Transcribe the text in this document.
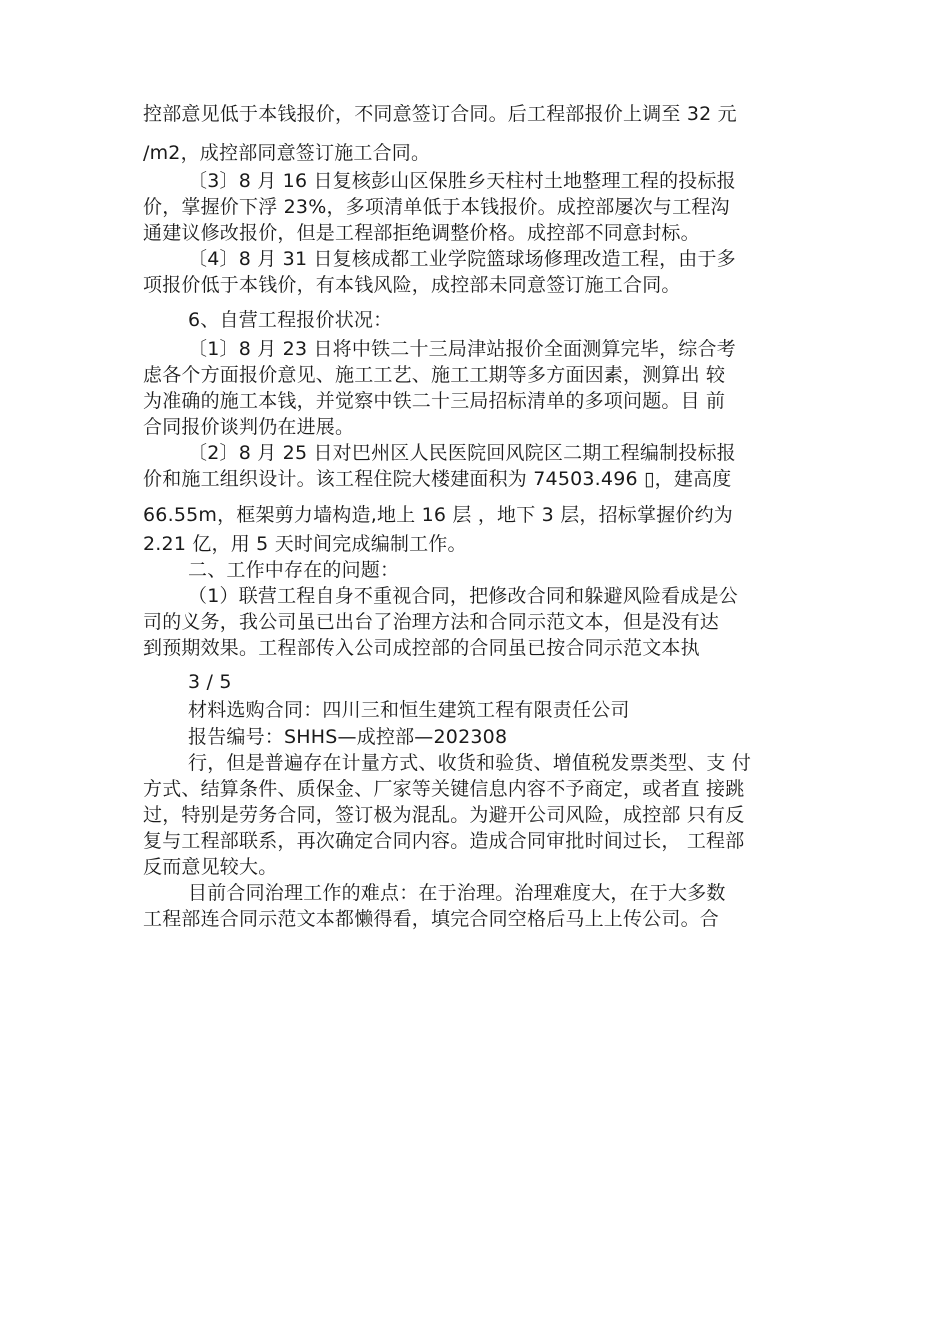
控部意见低于本钱报价，不同意签订合同。后工程部报价上调至 32 元
/m2，成控部同意签订施工合同。
〔3〕8 月 16 日复核彭山区保胜乡天柱村土地整理工程的投标报
价，掌握价下浮 23%，多项清单低于本钱报价。成控部屡次与工程沟
通建议修改报价，但是工程部拒绝调整价格。成控部不同意封标。
〔4〕8 月 31 日复核成都工业学院篮球场修理改造工程，由于多
项报价低于本钱价，有本钱风险，成控部未同意签订施工合同。
6、自营工程报价状况：
〔1〕8 月 23 日将中铁二十三局津站报价全面测算完毕，综合考
虑各个方面报价意见、施工工艺、施工工期等多方面因素，测算出 较
为准确的施工本钱，并觉察中铁二十三局招标清单的多项问题。目 前
合同报价谈判仍在进展。
〔2〕8 月 25 日对巴州区人民医院回风院区二期工程编制投标报
价和施工组织设计。该工程住院大楼建面积为 74503.496 ▯，建高度
66.55m，框架剪力墙构造,地上 16 层 ，地下 3 层，招标掌握价约为
2.21 亿，用 5 天时间完成编制工作。
二、工作中存在的问题：
（1）联营工程自身不重视合同，把修改合同和躲避风险看成是公
司的义务，我公司虽已出台了治理方法和合同示范文本，但是没有达
到预期效果。工程部传入公司成控部的合同虽已按合同示范文本执
3 / 5
材料选购合同：四川三和恒生建筑工程有限责任公司
报告编号：SHHS—成控部—202308
行，但是普遍存在计量方式、收货和验货、增值税发票类型、支 付
方式、结算条件、质保金、厂家等关键信息内容不予商定，或者直 接跳
过，特别是劳务合同，签订极为混乱。为避开公司风险，成控部 只有反
复与工程部联系，再次确定合同内容。造成合同审批时间过长， 工程部
反而意见较大。
目前合同治理工作的难点：在于治理。治理难度大，在于大多数
工程部连合同示范文本都懒得看，填完合同空格后马上上传公司。合
